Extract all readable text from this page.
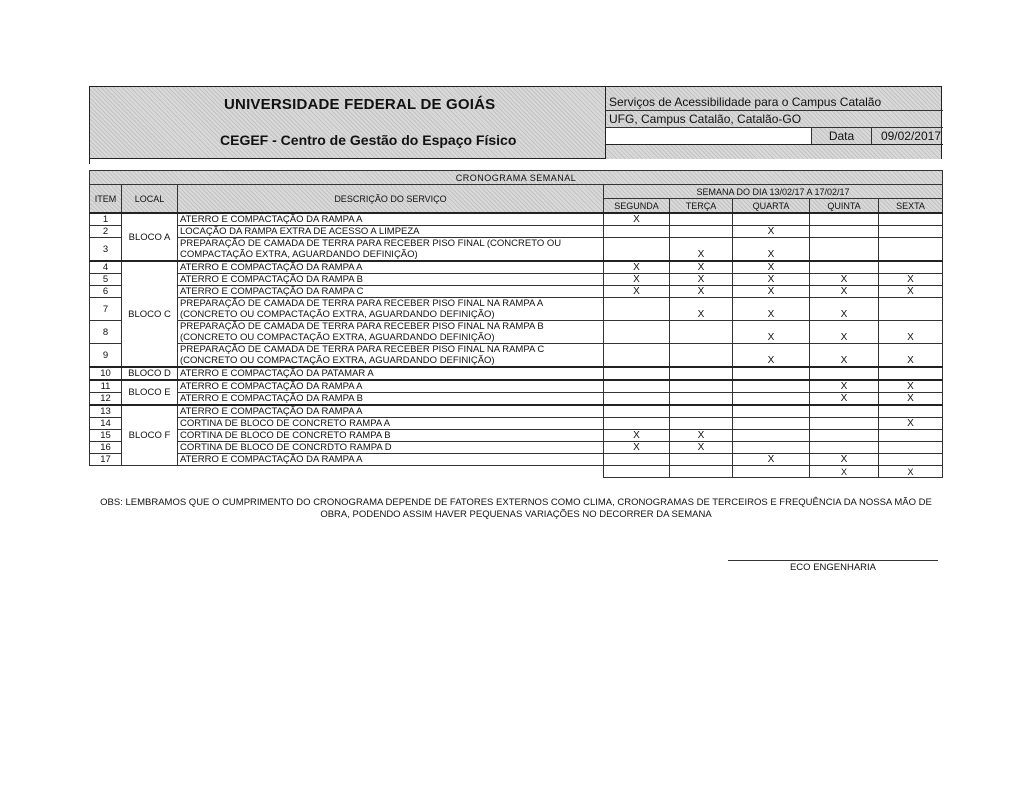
UNIVERSIDADE FEDERAL DE GOIÁS
CEGEF - Centro de Gestão do Espaço Físico
Serviços de Acessibilidade para o Campus Catalão
UFG, Campus Catalão, Catalão-GO
Data	09/02/2017
CRONOGRAMA SEMANAL							
ITEM	LOCAL	DESCRIÇÃO DO SERVIÇO	SEMANA DO DIA 13/02/17 A 17/02/17				
			SEGUNDA	TERÇA	QUARTA	QUINTA	SEXTA
1	BLOCO A	ATERRO E COMPACTAÇÃO DA RAMPA A	X				
2		LOCAÇÃO DA RAMPA EXTRA DE ACESSO A LIMPEZA			X		
3		PREPARAÇÃO DE CAMADA DE TERRA PARA RECEBER PISO FINAL (CONCRETO OU COMPACTAÇÃO EXTRA, AGUARDANDO DEFINIÇÃO)		X	X		
4	BLOCO C	ATERRO E COMPACTAÇÃO DA RAMPA A	X	X	X		
5		ATERRO E COMPACTAÇÃO DA RAMPA B	X	X	X	X	X
6		ATERRO E COMPACTAÇÃO DA RAMPA C	X	X	X	X	X
7		PREPARAÇÃO DE CAMADA DE TERRA PARA RECEBER PISO FINAL NA RAMPA A (CONCRETO OU COMPACTAÇÃO EXTRA, AGUARDANDO DEFINIÇÃO)		X	X	X	
8		PREPARAÇÃO DE CAMADA DE TERRA PARA RECEBER PISO FINAL NA RAMPA B (CONCRETO OU COMPACTAÇÃO EXTRA, AGUARDANDO DEFINIÇÃO)			X	X	X
9		PREPARAÇÃO DE CAMADA DE TERRA PARA RECEBER PISO FINAL NA RAMPA C (CONCRETO OU COMPACTAÇÃO EXTRA, AGUARDANDO DEFINIÇÃO)			X	X	X
10	BLOCO D	ATERRO E COMPACTAÇÃO DA PATAMAR A					
11	BLOCO E	ATERRO E COMPACTAÇÃO DA RAMPA A				X	X
12		ATERRO E COMPACTAÇÃO DA RAMPA B				X	X
13	BLOCO F	ATERRO E COMPACTAÇÃO DA RAMPA A					
14		CORTINA DE BLOCO DE CONCRETO RAMPA A					X
15		CORTINA DE BLOCO DE CONCRETO RAMPA B	X	X			
16		CORTINA DE BLOCO DE CONCRDTO RAMPA D	X	X			
17		ATERRO E COMPACTAÇÃO DA RAMPA A			X	X	
						X	X
OBS: LEMBRAMOS QUE O CUMPRIMENTO DO CRONOGRAMA DEPENDE DE FATORES EXTERNOS COMO CLIMA, CRONOGRAMAS DE TERCEIROS E FREQUÊNCIA DA NOSSA MÃO DE OBRA, PODENDO ASSIM HAVER PEQUENAS VARIAÇÕES NO DECORRER DA SEMANA
ECO ENGENHARIA
